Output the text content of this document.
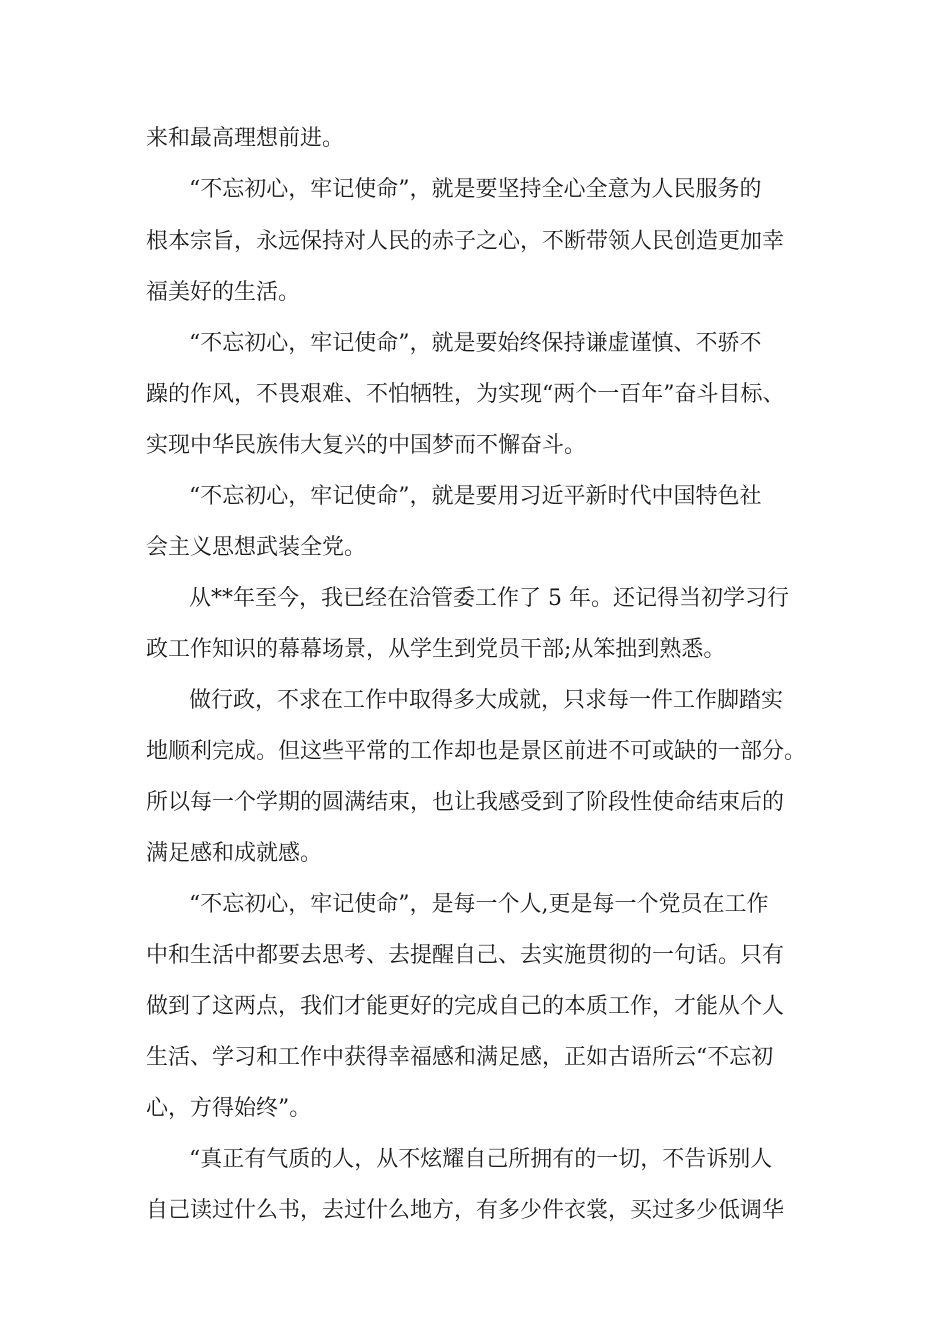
来和最高理想前进。
“不忘初心，牢记使命”，就是要坚持全心全意为人民服务的
根本宗旨，永远保持对人民的赤子之心，不断带领人民创造更加幸
福美好的生活。
“不忘初心，牢记使命”，就是要始终保持谦虚谨慎、不骄不
躁的作风，不畏艰难、不怕牺牲，为实现“两个一百年”奋斗目标、
实现中华民族伟大复兴的中国梦而不懈奋斗。
“不忘初心，牢记使命”，就是要用习近平新时代中国特色社
会主义思想武装全党。
从**年至今，我已经在洽管委工作了 5 年。还记得当初学习行
政工作知识的幕幕场景，从学生到党员干部;从笨拙到熟悉。
做行政，不求在工作中取得多大成就，只求每一件工作脚踏实
地顺利完成。但这些平常的工作却也是景区前进不可或缺的一部分。
所以每一个学期的圆满结束，也让我感受到了阶段性使命结束后的
满足感和成就感。
“不忘初心，牢记使命”，是每一个人,更是每一个党员在工作
中和生活中都要去思考、去提醒自己、去实施贯彻的一句话。只有
做到了这两点，我们才能更好的完成自己的本质工作，才能从个人
生活、学习和工作中获得幸福感和满足感，正如古语所云“不忘初
心，方得始终”。
“真正有气质的人，从不炫耀自己所拥有的一切，不告诉别人
自己读过什么书，去过什么地方，有多少件衣裳，买过多少低调华
